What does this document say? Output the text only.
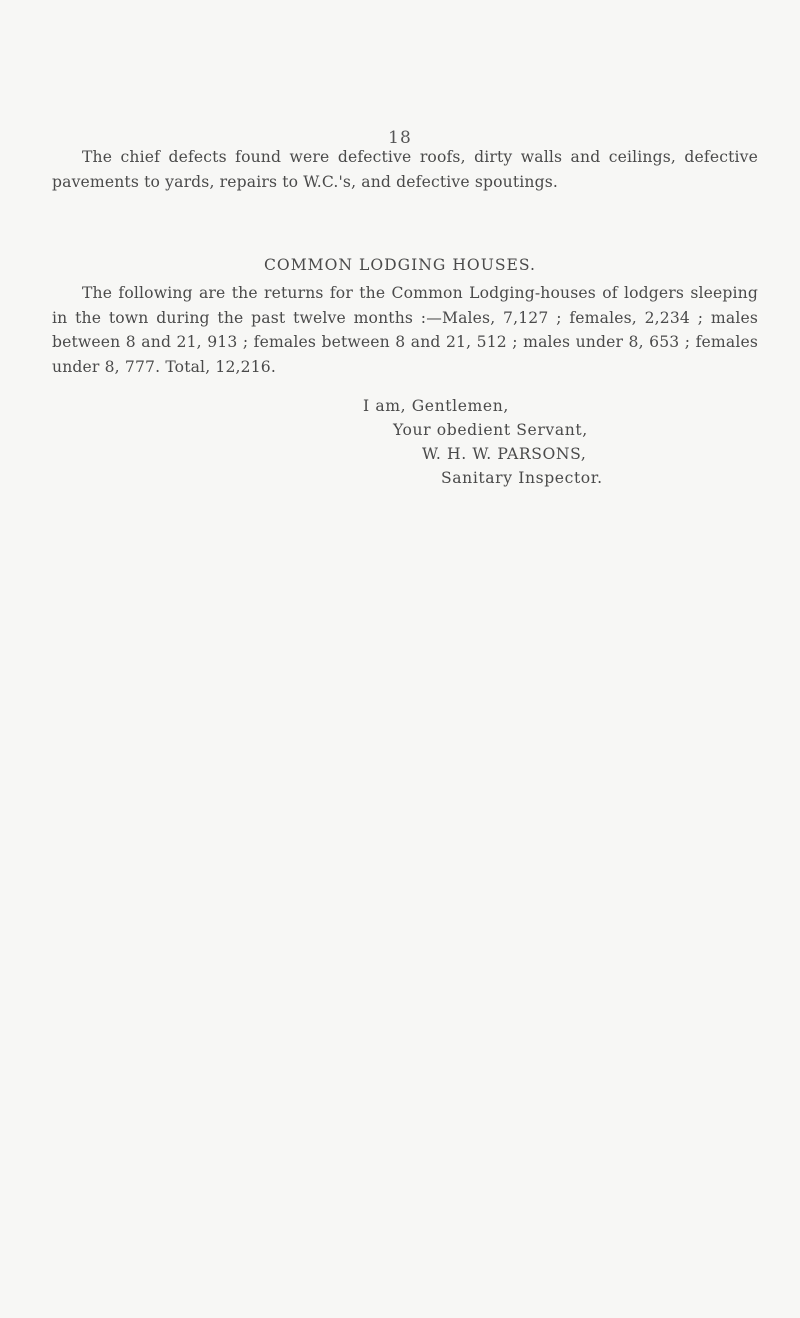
18

The chief defects found were defective roofs, dirty walls and ceilings, defective pavements to yards, repairs to W.C.'s, and defective spoutings.

COMMON LODGING HOUSES.

The following are the returns for the Common Lodging-houses of lodgers sleeping in the town during the past twelve months :—Males, 7,127 ; females, 2,234 ; males between 8 and 21, 913 ; females between 8 and 21, 512 ; males under 8, 653 ; females under 8, 777. Total, 12,216.

I am, Gentlemen,
Your obedient Servant,
W. H. W. PARSONS,
Sanitary Inspector.
